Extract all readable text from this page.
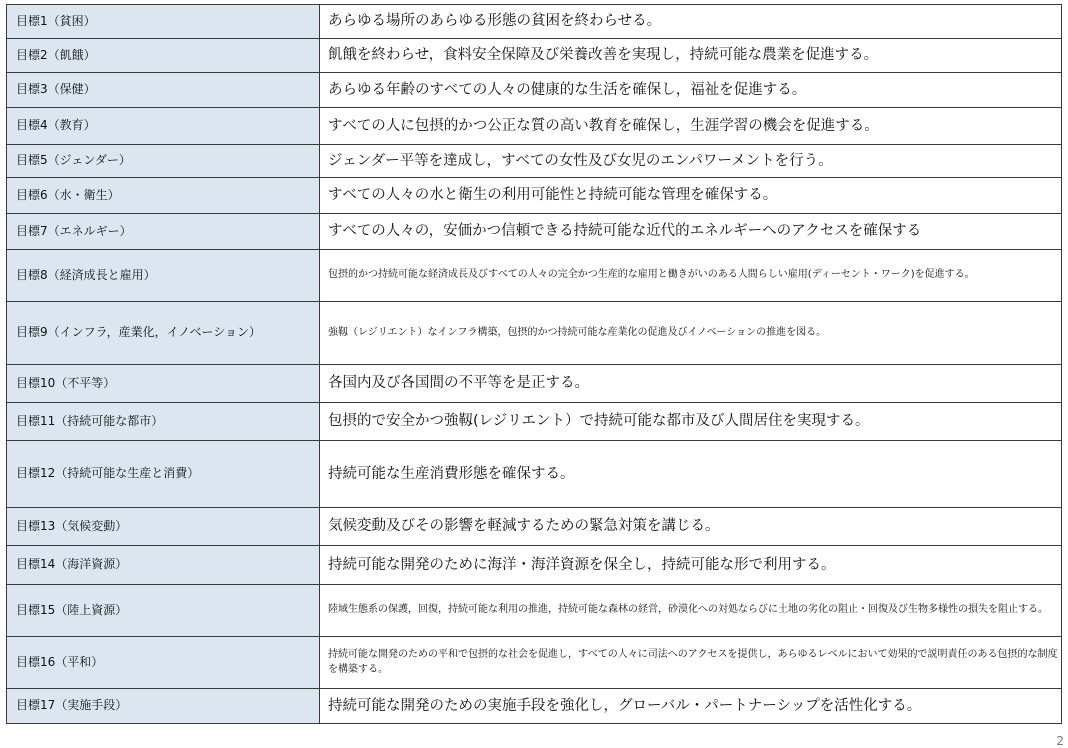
目標1（貧困）	あらゆる場所のあらゆる形態の貧困を終わらせる。
目標2（飢餓）	飢餓を終わらせ，食料安全保障及び栄養改善を実現し，持続可能な農業を促進する。
目標3（保健）	あらゆる年齢のすべての人々の健康的な生活を確保し，福祉を促進する。
目標4（教育）	すべての人に包摂的かつ公正な質の高い教育を確保し，生涯学習の機会を促進する。
目標5（ジェンダー）	ジェンダー平等を達成し，すべての女性及び女児のエンパワーメントを行う。
目標6（水・衛生）	すべての人々の水と衛生の利用可能性と持続可能な管理を確保する。
目標7（エネルギー）	すべての人々の，安価かつ信頼できる持続可能な近代的エネルギーへのアクセスを確保する
目標8（経済成長と雇用）	包摂的かつ持続可能な経済成長及びすべての人々の完全かつ生産的な雇用と働きがいのある人間らしい雇用(ディーセント・ワーク)を促進する。
目標9（インフラ，産業化，イノベーション）	強靱（レジリエント）なインフラ構築，包摂的かつ持続可能な産業化の促進及びイノベーションの推進を図る。
目標10（不平等）	各国内及び各国間の不平等を是正する。
目標11（持続可能な都市）	包摂的で安全かつ強靱(レジリエント）で持続可能な都市及び人間居住を実現する。
目標12（持続可能な生産と消費）	持続可能な生産消費形態を確保する。
目標13（気候変動）	気候変動及びその影響を軽減するための緊急対策を講じる。
目標14（海洋資源）	持続可能な開発のために海洋・海洋資源を保全し，持続可能な形で利用する。
目標15（陸上資源）	陸域生態系の保護，回復，持続可能な利用の推進，持続可能な森林の経営，砂漠化への対処ならびに土地の劣化の阻止・回復及び生物多様性の損失を阻止する。
目標16（平和）	持続可能な開発のための平和で包摂的な社会を促進し，すべての人々に司法へのアクセスを提供し，あらゆるレベルにおいて効果的で説明責任のある包摂的な制度を構築する。
目標17（実施手段）	持続可能な開発のための実施手段を強化し，グローバル・パートナーシップを活性化する。
2
